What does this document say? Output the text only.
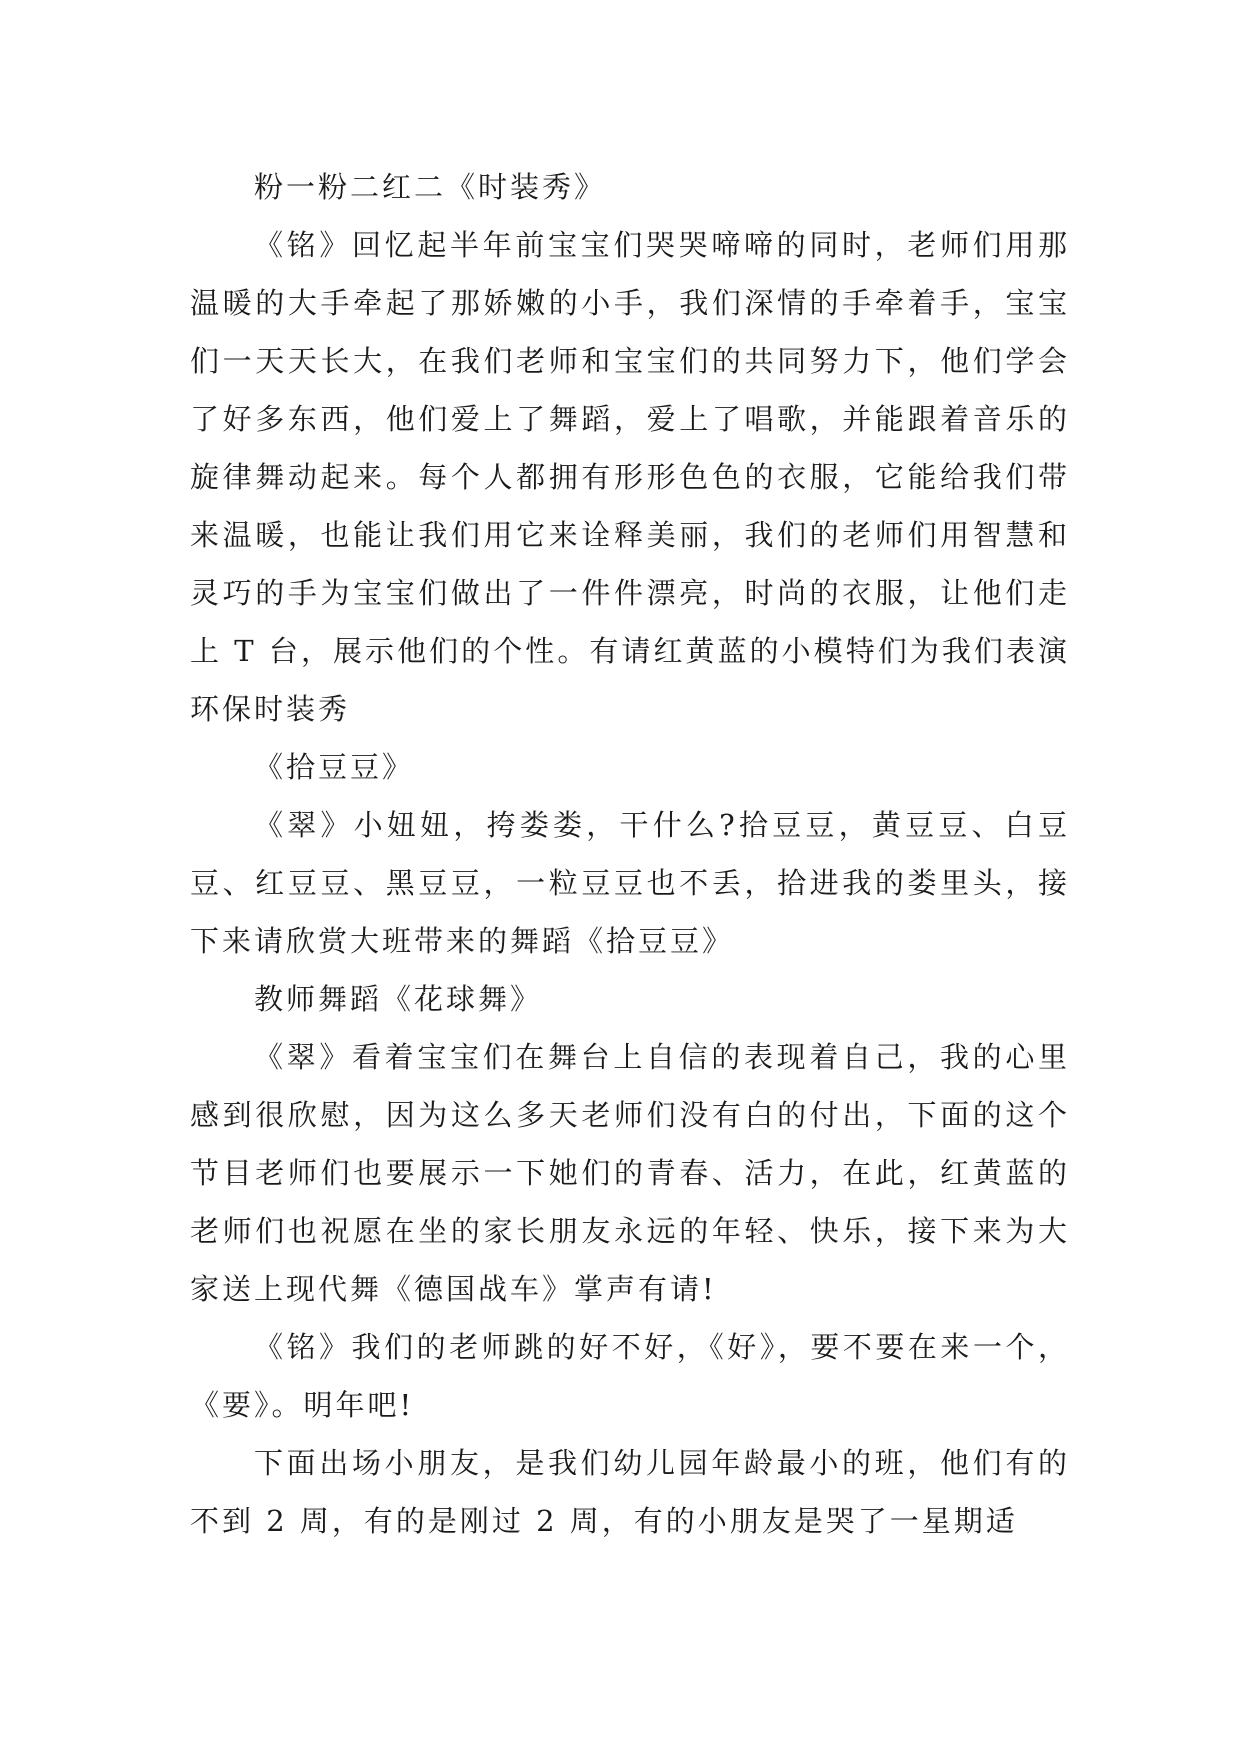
粉一粉二红二《时装秀》

《铭》回忆起半年前宝宝们哭哭啼啼的同时，老师们用那温暖的大手牵起了那娇嫩的小手，我们深情的手牵着手，宝宝们一天天长大，在我们老师和宝宝们的共同努力下，他们学会了好多东西，他们爱上了舞蹈，爱上了唱歌，并能跟着音乐的旋律舞动起来。每个人都拥有形形色色的衣服，它能给我们带来温暖，也能让我们用它来诠释美丽，我们的老师们用智慧和灵巧的手为宝宝们做出了一件件漂亮，时尚的衣服，让他们走上 T 台，展示他们的个性。有请红黄蓝的小模特们为我们表演环保时装秀

《拾豆豆》

《翠》小妞妞，挎娄娄，干什么?拾豆豆，黄豆豆、白豆豆、红豆豆、黑豆豆，一粒豆豆也不丢，拾进我的娄里头，接下来请欣赏大班带来的舞蹈《拾豆豆》

教师舞蹈《花球舞》

《翠》看着宝宝们在舞台上自信的表现着自己，我的心里感到很欣慰，因为这么多天老师们没有白的付出，下面的这个节目老师们也要展示一下她们的青春、活力，在此，红黄蓝的老师们也祝愿在坐的家长朋友永远的年轻、快乐，接下来为大家送上现代舞《德国战车》掌声有请!

《铭》我们的老师跳的好不好，《好》，要不要在来一个，《要》。明年吧!

下面出场小朋友，是我们幼儿园年龄最小的班，他们有的不到 2 周，有的是刚过 2 周，有的小朋友是哭了一星期适
